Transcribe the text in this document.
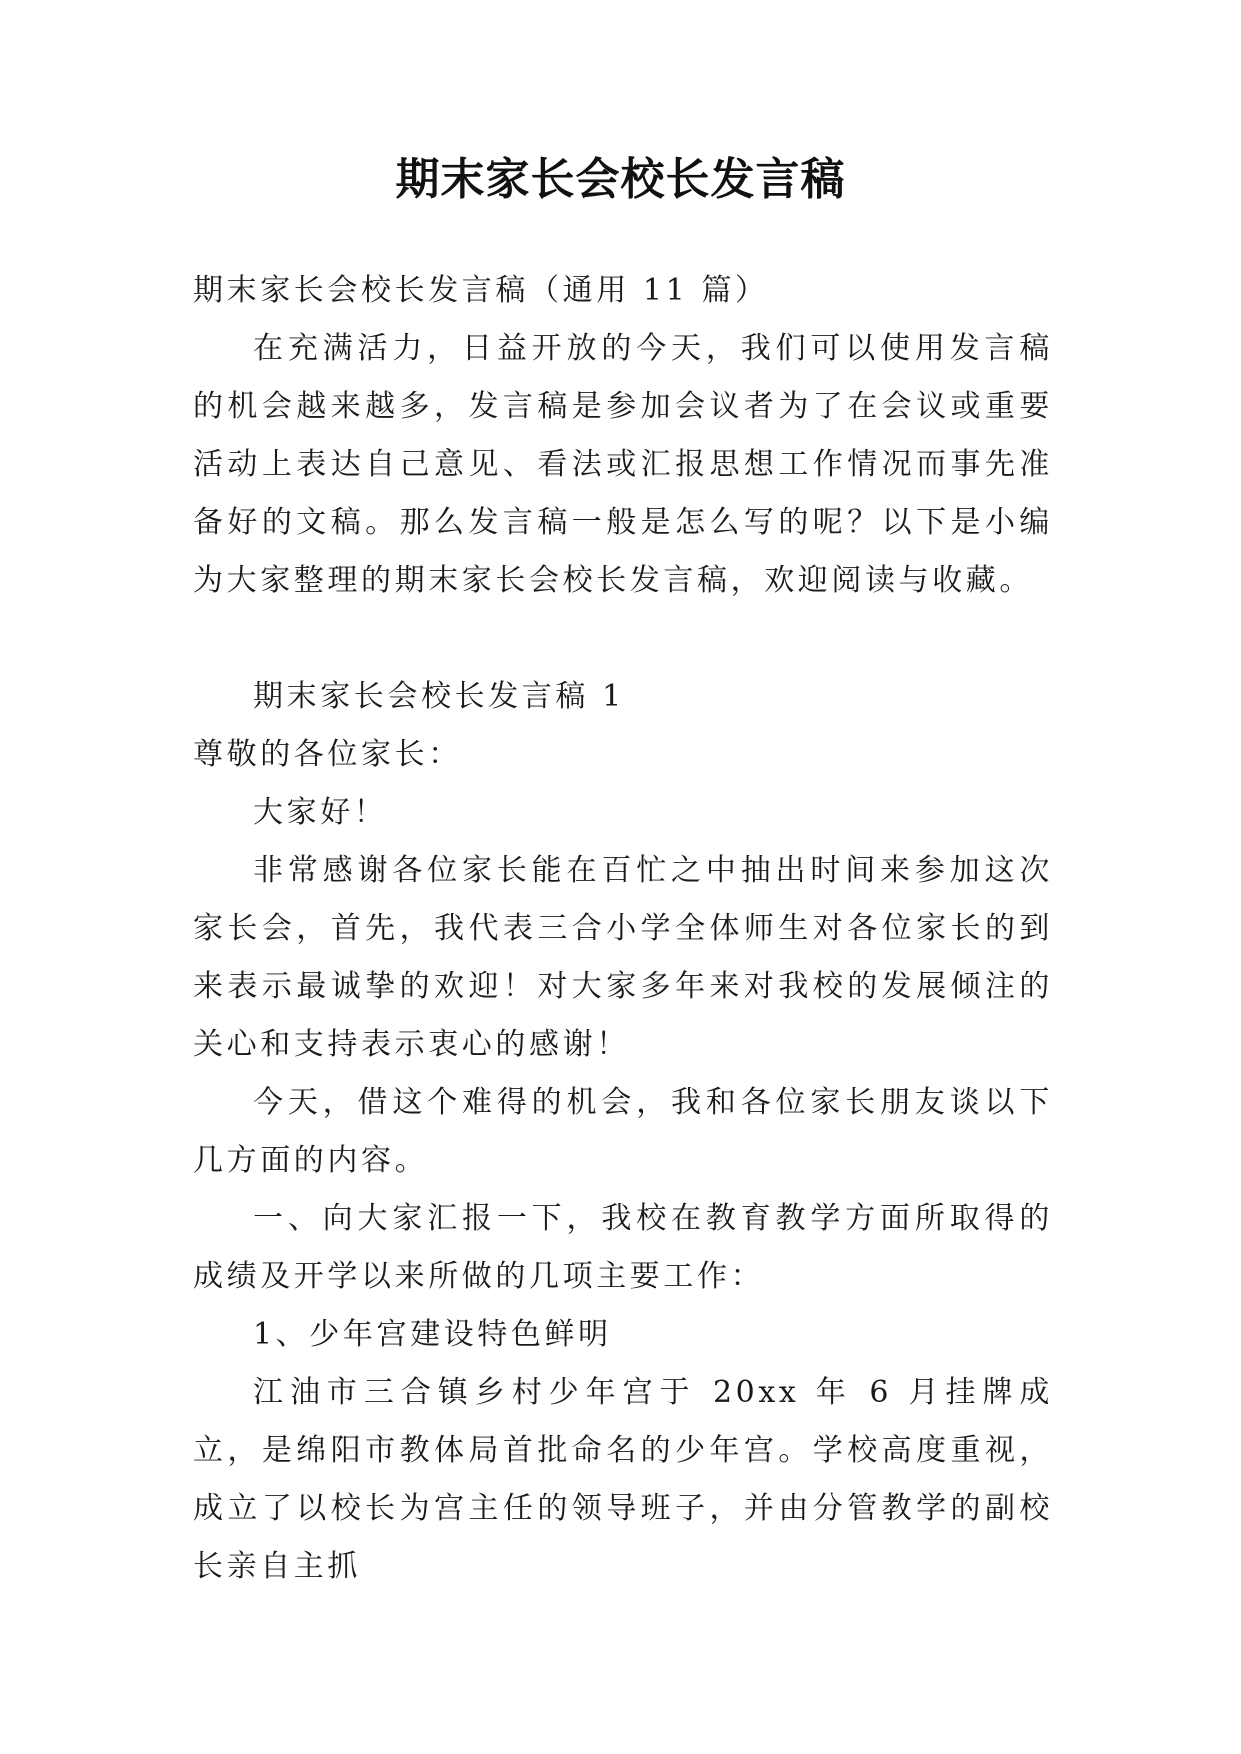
期末家长会校长发言稿

期末家长会校长发言稿（通用 11 篇）

在充满活力，日益开放的今天，我们可以使用发言稿的机会越来越多，发言稿是参加会议者为了在会议或重要活动上表达自己意见、看法或汇报思想工作情况而事先准备好的文稿。那么发言稿一般是怎么写的呢？以下是小编为大家整理的期末家长会校长发言稿，欢迎阅读与收藏。

期末家长会校长发言稿 1

尊敬的各位家长：

大家好！

非常感谢各位家长能在百忙之中抽出时间来参加这次家长会，首先，我代表三合小学全体师生对各位家长的到来表示最诚挚的欢迎！对大家多年来对我校的发展倾注的关心和支持表示衷心的感谢！

今天，借这个难得的机会，我和各位家长朋友谈以下几方面的内容。

一、向大家汇报一下，我校在教育教学方面所取得的成绩及开学以来所做的几项主要工作：

1、少年宫建设特色鲜明

江油市三合镇乡村少年宫于 20xx 年 6 月挂牌成立，是绵阳市教体局首批命名的少年宫。学校高度重视，成立了以校长为宫主任的领导班子，并由分管教学的副校长亲自主抓
